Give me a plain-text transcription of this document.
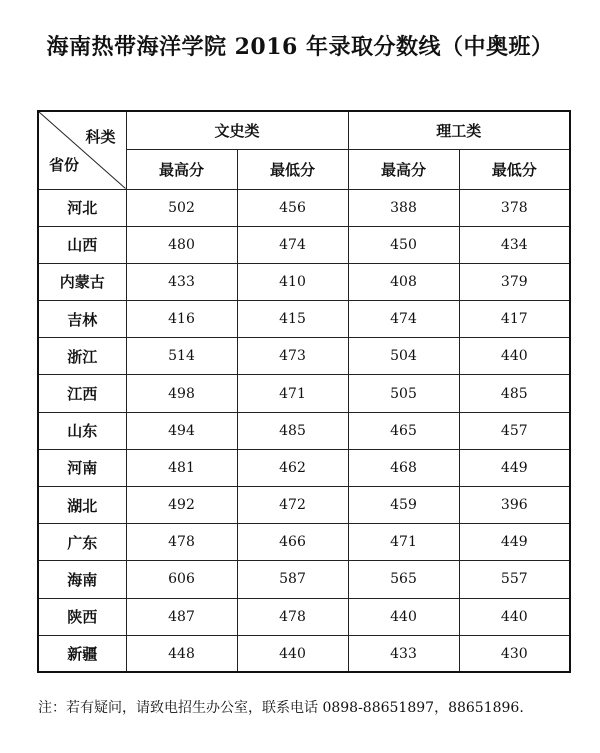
海南热带海洋学院 2016 年录取分数线（中奥班）
科类
省份	文史类		理工类	
	最高分	最低分	最高分	最低分
河北	502	456	388	378
山西	480	474	450	434
内蒙古	433	410	408	379
吉林	416	415	474	417
浙江	514	473	504	440
江西	498	471	505	485
山东	494	485	465	457
河南	481	462	468	449
湖北	492	472	459	396
广东	478	466	471	449
海南	606	587	565	557
陕西	487	478	440	440
新疆	448	440	433	430
注：若有疑问，请致电招生办公室，联系电话 0898-88651897，88651896.
